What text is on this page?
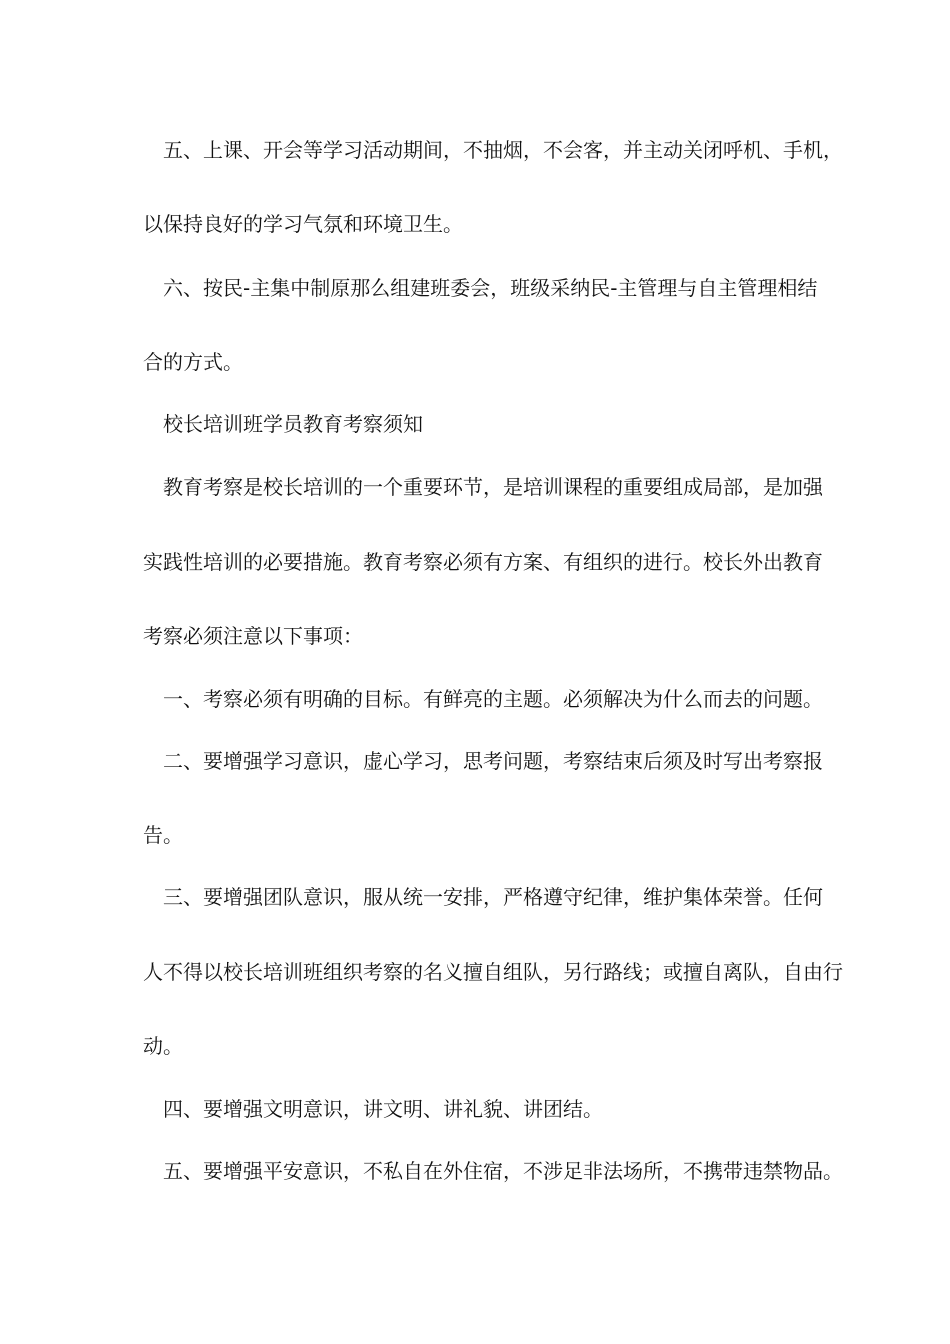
五、上课、开会等学习活动期间，不抽烟，不会客，并主动关闭呼机、手机，
以保持良好的学习气氛和环境卫生。
六、按民-主集中制原那么组建班委会，班级采纳民-主管理与自主管理相结
合的方式。
校长培训班学员教育考察须知
教育考察是校长培训的一个重要环节，是培训课程的重要组成局部，是加强
实践性培训的必要措施。教育考察必须有方案、有组织的进行。校长外出教育
考察必须注意以下事项：
一、考察必须有明确的目标。有鲜亮的主题。必须解决为什么而去的问题。
二、要增强学习意识，虚心学习，思考问题，考察结束后须及时写出考察报
告。
三、要增强团队意识，服从统一安排，严格遵守纪律，维护集体荣誉。任何
人不得以校长培训班组织考察的名义擅自组队，另行路线；或擅自离队，自由行
动。
四、要增强文明意识，讲文明、讲礼貌、讲团结。
五、要增强平安意识，不私自在外住宿，不涉足非法场所，不携带违禁物品。
